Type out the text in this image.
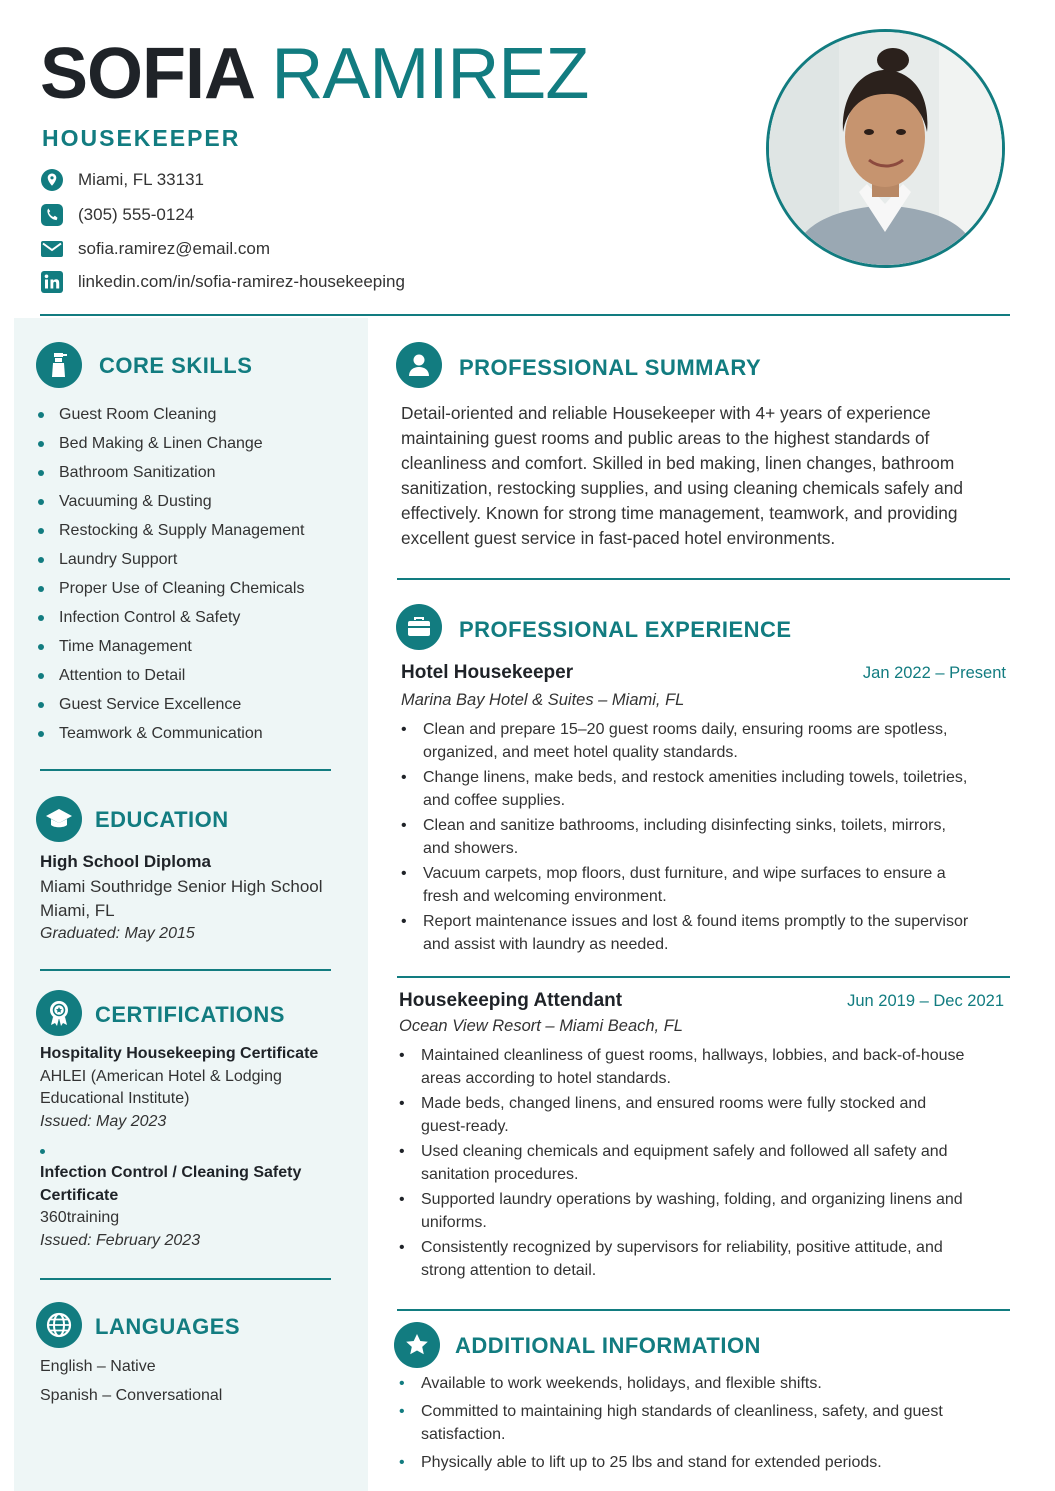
SOFIA RAMIREZ
HOUSEKEEPER
Miami, FL 33131
(305) 555-0124
sofia.ramirez@email.com
linkedin.com/in/sofia-ramirez-housekeeping
CORE SKILLS
Guest Room Cleaning
Bed Making & Linen Change
Bathroom Sanitization
Vacuuming & Dusting
Restocking & Supply Management
Laundry Support
Proper Use of Cleaning Chemicals
Infection Control & Safety
Time Management
Attention to Detail
Guest Service Excellence
Teamwork & Communication
EDUCATION
High School Diploma
Miami Southridge Senior High School
Miami, FL
Graduated: May 2015
CERTIFICATIONS
Hospitality Housekeeping Certificate
AHLEI (American Hotel & Lodging Educational Institute)
Issued: May 2023
Infection Control / Cleaning Safety Certificate
360training
Issued: February 2023
LANGUAGES
English – Native
Spanish – Conversational
PROFESSIONAL SUMMARY
Detail-oriented and reliable Housekeeper with 4+ years of experience maintaining guest rooms and public areas to the highest standards of cleanliness and comfort. Skilled in bed making, linen changes, bathroom sanitization, restocking supplies, and using cleaning chemicals safely and effectively. Known for strong time management, teamwork, and providing excellent guest service in fast-paced hotel environments.
PROFESSIONAL EXPERIENCE
Hotel Housekeeper	Jan 2022 – Present
Marina Bay Hotel & Suites – Miami, FL
• Clean and prepare 15–20 guest rooms daily, ensuring rooms are spotless, organized, and meet hotel quality standards.
• Change linens, make beds, and restock amenities including towels, toiletries, and coffee supplies.
• Clean and sanitize bathrooms, including disinfecting sinks, toilets, mirrors, and showers.
• Vacuum carpets, mop floors, dust furniture, and wipe surfaces to ensure a fresh and welcoming environment.
• Report maintenance issues and lost & found items promptly to the supervisor and assist with laundry as needed.
Housekeeping Attendant	Jun 2019 – Dec 2021
Ocean View Resort – Miami Beach, FL
• Maintained cleanliness of guest rooms, hallways, lobbies, and back-of-house areas according to hotel standards.
• Made beds, changed linens, and ensured rooms were fully stocked and guest-ready.
• Used cleaning chemicals and equipment safely and followed all safety and sanitation procedures.
• Supported laundry operations by washing, folding, and organizing linens and uniforms.
• Consistently recognized by supervisors for reliability, positive attitude, and strong attention to detail.
ADDITIONAL INFORMATION
• Available to work weekends, holidays, and flexible shifts.
• Committed to maintaining high standards of cleanliness, safety, and guest satisfaction.
• Physically able to lift up to 25 lbs and stand for extended periods.
